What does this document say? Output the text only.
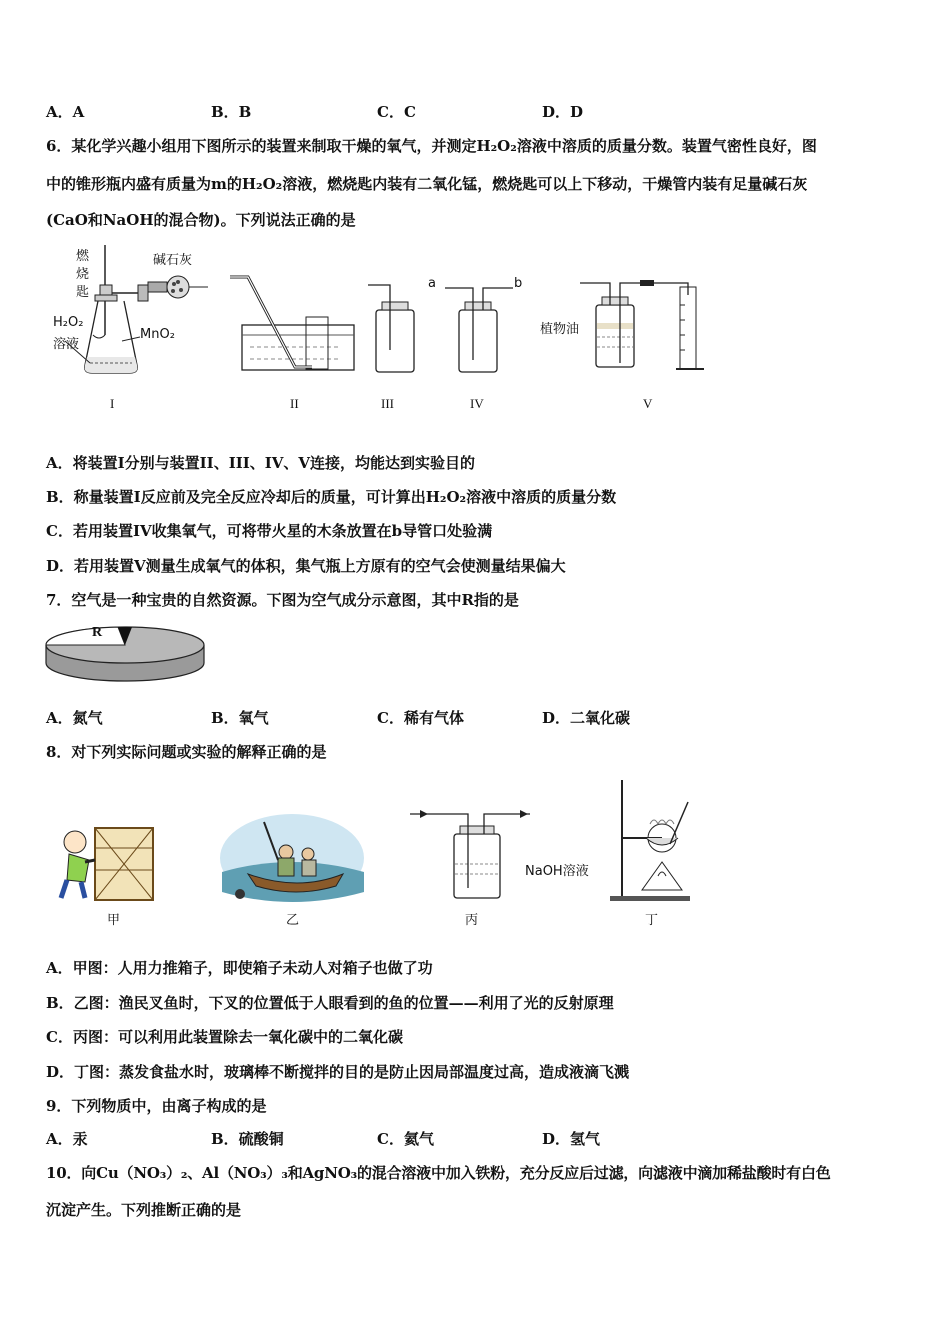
A．A	B．B	C．C	D．D
6．某化学兴趣小组用下图所示的装置来制取干燥的氧气，并测定H₂O₂溶液中溶质的质量分数。装置气密性良好，图
中的锥形瓶内盛有质量为m的H₂O₂溶液，燃烧匙内装有二氧化锰，燃烧匙可以上下移动，干燥管内装有足量碱石灰
(CaO和NaOH的混合物)。下列说法正确的是
燃烧匙
碱石灰
H₂O₂
溶液
MnO₂
a	b
植物油
I	II	III	IV	V
A．将装置I分别与装置II、III、IV、V连接，均能达到实验目的
B．称量装置I反应前及完全反应冷却后的质量，可计算出H₂O₂溶液中溶质的质量分数
C．若用装置IV收集氧气，可将带火星的木条放置在b导管口处验满
D．若用装置V测量生成氧气的体积，集气瓶上方原有的空气会使测量结果偏大
7．空气是一种宝贵的自然资源。下图为空气成分示意图，其中R指的是
R
A．氮气	B．氧气	C．稀有气体	D．二氧化碳
8．对下列实际问题或实验的解释正确的是
NaOH溶液
甲	乙	丙	丁
A．甲图：人用力推箱子，即使箱子未动人对箱子也做了功
B．乙图：渔民叉鱼时，下叉的位置低于人眼看到的鱼的位置——利用了光的反射原理
C．丙图：可以利用此装置除去一氧化碳中的二氧化碳
D．丁图：蒸发食盐水时，玻璃棒不断搅拌的目的是防止因局部温度过高，造成液滴飞溅
9．下列物质中，由离子构成的是
A．汞	B．硫酸铜	C．氦气	D．氢气
10．向Cu（NO₃）₂、Al（NO₃）₃和AgNO₃的混合溶液中加入铁粉，充分反应后过滤，向滤液中滴加稀盐酸时有白色
沉淀产生。下列推断正确的是
